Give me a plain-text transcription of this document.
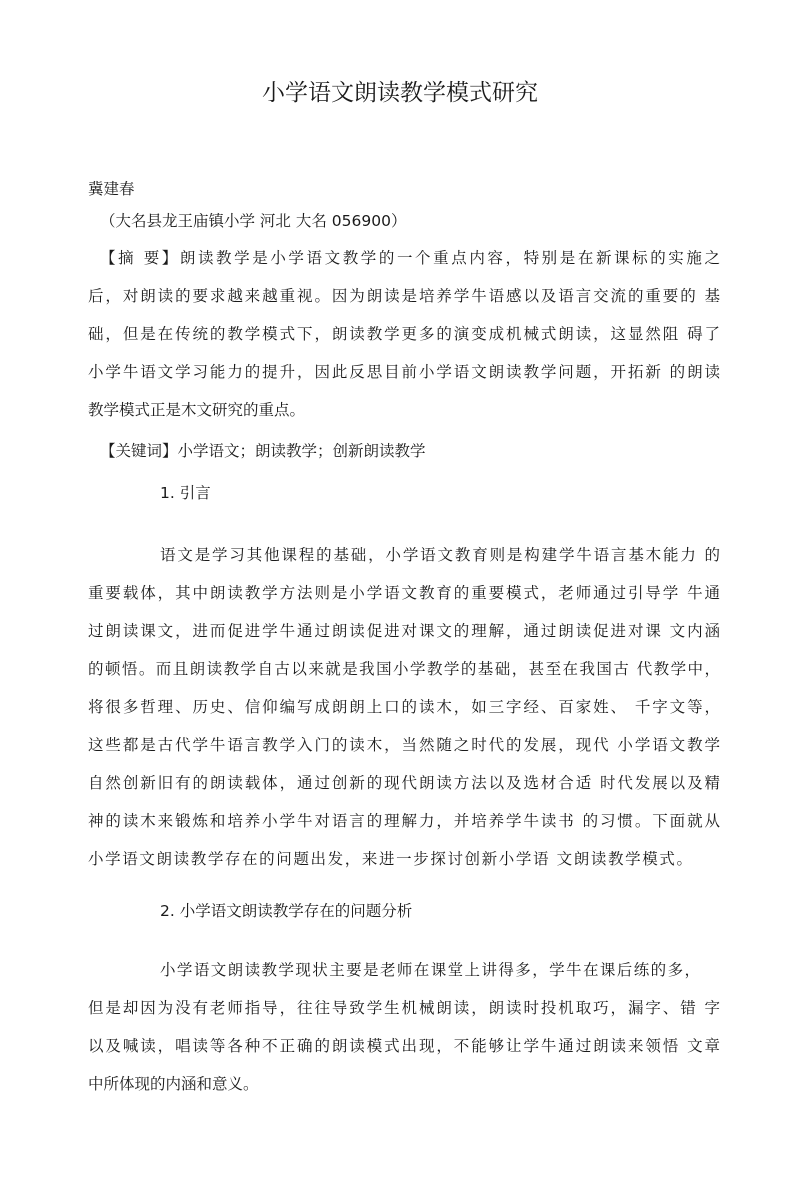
小学语文朗读教学模式研究
冀建春
（大名县龙王庙镇小学 河北 大名 056900）
【摘 要】朗读教学是小学语文教学的一个重点内容，特别是在新课标的实施之
后，对朗读的要求越来越重视。因为朗读是培养学牛语感以及语言交流的重要的 基
础，但是在传统的教学模式下，朗读教学更多的演变成机械式朗读，这显然阻 碍了
小学牛语文学习能力的提升，因此反思目前小学语文朗读教学问题，开拓新 的朗读
教学模式正是木文研究的重点。
【关键词】小学语文；朗读教学；创新朗读教学
1. 引言
语文是学习其他课程的基础，小学语文教育则是构建学牛语言基木能力 的
重要载体，其中朗读教学方法则是小学语文教育的重要模式，老师通过引导学 牛通
过朗读课文，进而促进学牛通过朗读促进对课文的理解，通过朗读促进对课 文内涵
的顿悟。而且朗读教学自古以来就是我国小学教学的基础，甚至在我国古 代教学中，
将很多哲理、历史、信仰编写成朗朗上口的读木，如三字经、百家姓、 千字文等，
这些都是古代学牛语言教学入门的读木，当然随之时代的发展，现代 小学语文教学
自然创新旧有的朗读载体，通过创新的现代朗读方法以及选材合适 时代发展以及精
神的读木来锻炼和培养小学牛对语言的理解力，并培养学牛读书 的习惯。下面就从
小学语文朗读教学存在的问题出发，来进一步探讨创新小学语 文朗读教学模式。
2. 小学语文朗读教学存在的问题分析
小学语文朗读教学现状主要是老师在课堂上讲得多，学牛在课后练的多，
但是却因为没有老师指导，往往导致学生机械朗读，朗读时投机取巧，漏字、错 字
以及喊读，唱读等各种不正确的朗读模式出现，不能够让学牛通过朗读来领悟 文章
中所体现的内涵和意义。
